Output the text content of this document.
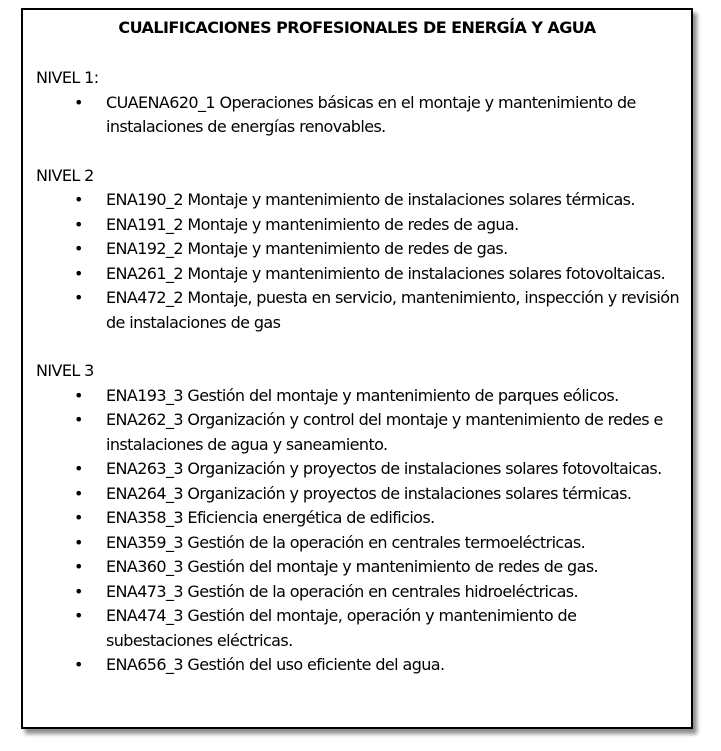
CUALIFICACIONES PROFESIONALES DE ENERGÍA Y AGUA

NIVEL 1:

• CUAENA620_1 Operaciones básicas en el montaje y mantenimiento de instalaciones de energías renovables.

NIVEL 2

• ENA190_2 Montaje y mantenimiento de instalaciones solares térmicas.
• ENA191_2 Montaje y mantenimiento de redes de agua.
• ENA192_2 Montaje y mantenimiento de redes de gas.
• ENA261_2 Montaje y mantenimiento de instalaciones solares fotovoltaicas.
• ENA472_2 Montaje, puesta en servicio, mantenimiento, inspección y revisión de instalaciones de gas

NIVEL 3

• ENA193_3 Gestión del montaje y mantenimiento de parques eólicos.
• ENA262_3 Organización y control del montaje y mantenimiento de redes e instalaciones de agua y saneamiento.
• ENA263_3 Organización y proyectos de instalaciones solares fotovoltaicas.
• ENA264_3 Organización y proyectos de instalaciones solares térmicas.
• ENA358_3 Eficiencia energética de edificios.
• ENA359_3 Gestión de la operación en centrales termoeléctricas.
• ENA360_3 Gestión del montaje y mantenimiento de redes de gas.
• ENA473_3 Gestión de la operación en centrales hidroeléctricas.
• ENA474_3 Gestión del montaje, operación y mantenimiento de subestaciones eléctricas.
• ENA656_3 Gestión del uso eficiente del agua.
